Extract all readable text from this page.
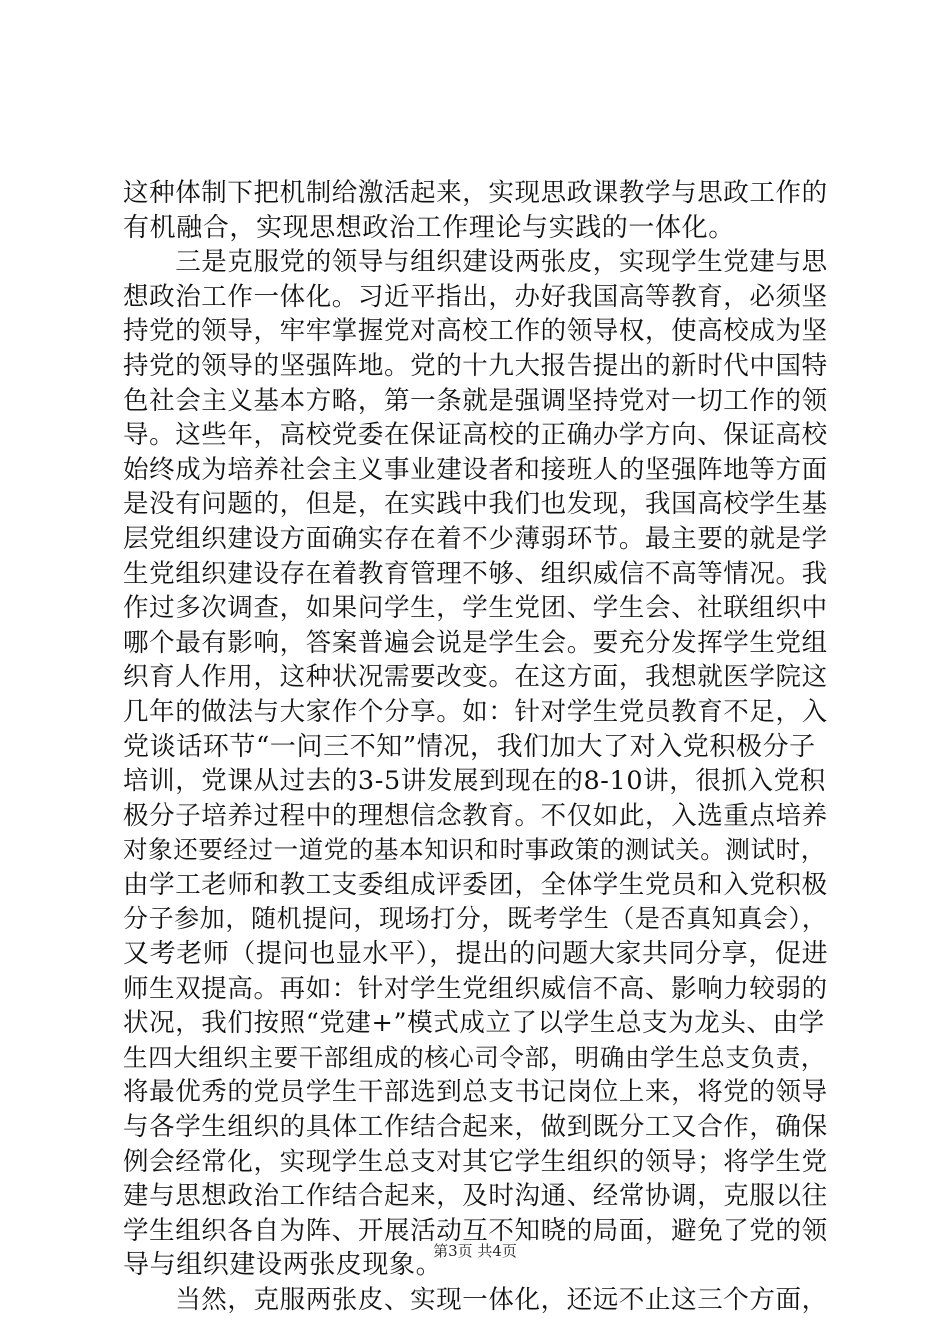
这种体制下把机制给激活起来，实现思政课教学与思政工作的
有机融合，实现思想政治工作理论与实践的一体化。
　　三是克服党的领导与组织建设两张皮，实现学生党建与思
想政治工作一体化。习近平指出，办好我国高等教育，必须坚
持党的领导，牢牢掌握党对高校工作的领导权，使高校成为坚
持党的领导的坚强阵地。党的十九大报告提出的新时代中国特
色社会主义基本方略，第一条就是强调坚持党对一切工作的领
导。这些年，高校党委在保证高校的正确办学方向、保证高校
始终成为培养社会主义事业建设者和接班人的坚强阵地等方面
是没有问题的，但是，在实践中我们也发现，我国高校学生基
层党组织建设方面确实存在着不少薄弱环节。最主要的就是学
生党组织建设存在着教育管理不够、组织威信不高等情况。我
作过多次调查，如果问学生，学生党团、学生会、社联组织中
哪个最有影响，答案普遍会说是学生会。要充分发挥学生党组
织育人作用，这种状况需要改变。在这方面，我想就医学院这
几年的做法与大家作个分享。如：针对学生党员教育不足，入
党谈话环节“一问三不知”情况，我们加大了对入党积极分子
培训，党课从过去的3-5讲发展到现在的8-10讲，很抓入党积
极分子培养过程中的理想信念教育。不仅如此，入选重点培养
对象还要经过一道党的基本知识和时事政策的测试关。测试时，
由学工老师和教工支委组成评委团，全体学生党员和入党积极
分子参加，随机提问，现场打分，既考学生（是否真知真会），
又考老师（提问也显水平），提出的问题大家共同分享，促进
师生双提高。再如：针对学生党组织威信不高、影响力较弱的
状况，我们按照“党建+”模式成立了以学生总支为龙头、由学
生四大组织主要干部组成的核心司令部，明确由学生总支负责，
将最优秀的党员学生干部选到总支书记岗位上来，将党的领导
与各学生组织的具体工作结合起来，做到既分工又合作，确保
例会经常化，实现学生总支对其它学生组织的领导；将学生党
建与思想政治工作结合起来，及时沟通、经常协调，克服以往
学生组织各自为阵、开展活动互不知晓的局面，避免了党的领
导与组织建设两张皮现象。
　　当然，克服两张皮、实现一体化，还远不止这三个方面，
第3页 共4页
